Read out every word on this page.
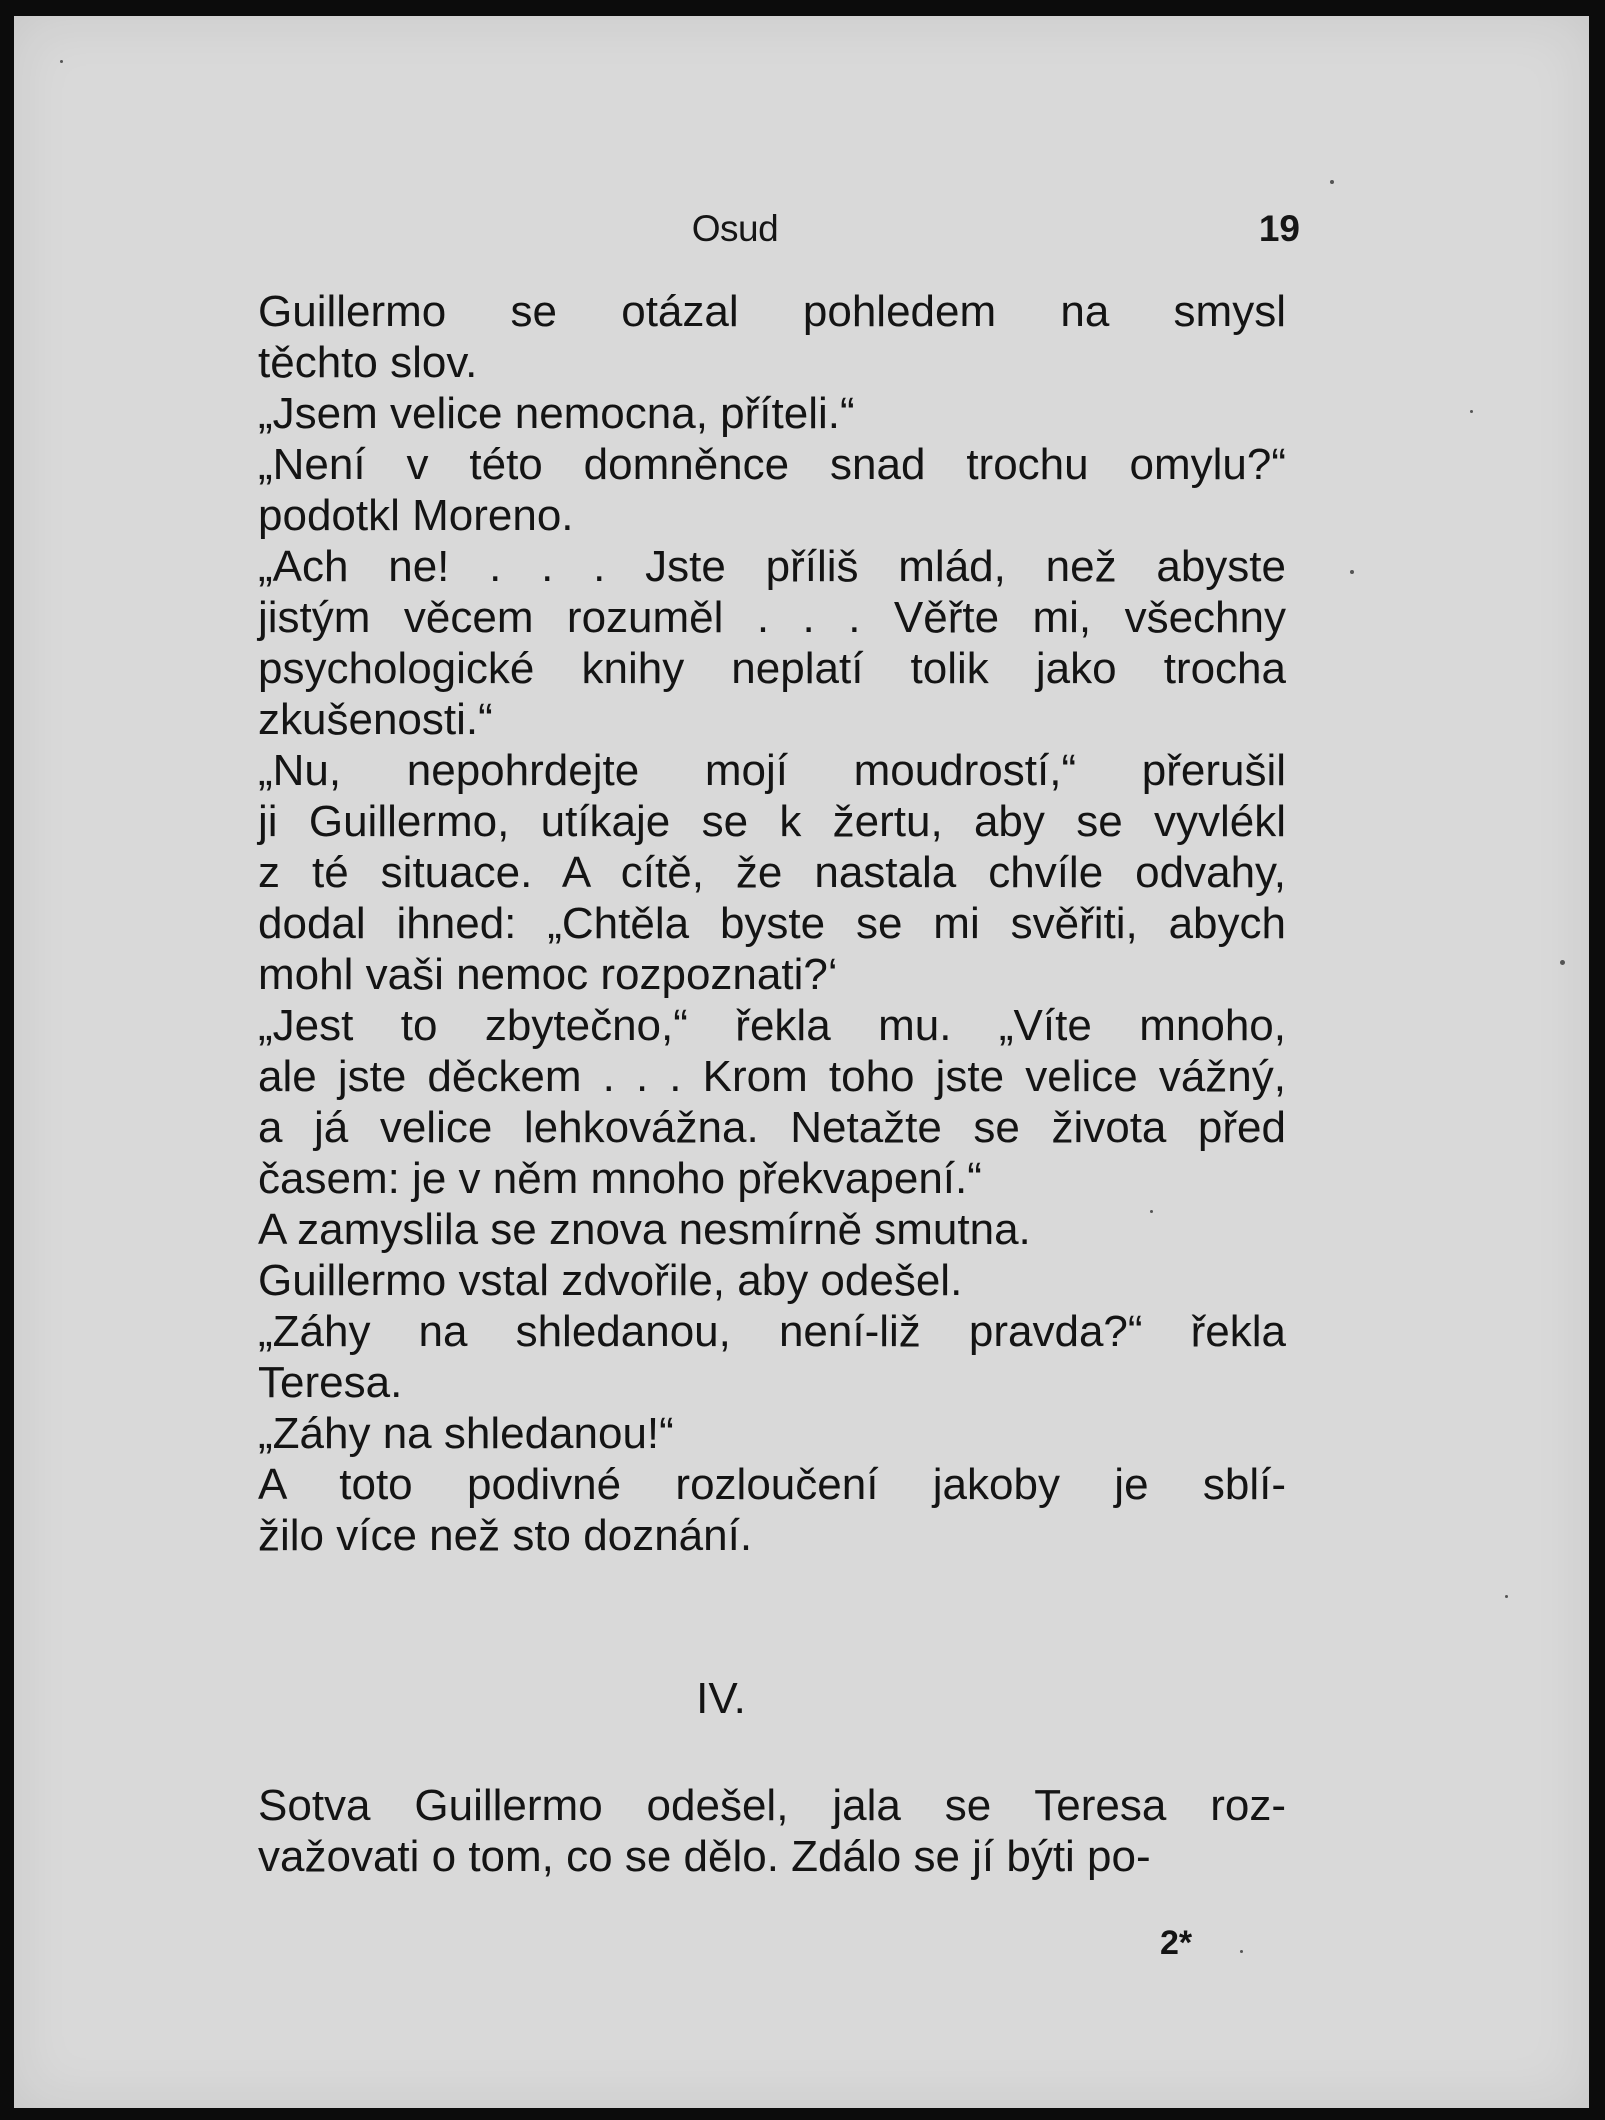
Osud	19

Guillermo se otázal pohledem na smysl
těchto slov.

„Jsem velice nemocna, příteli.“

„Není v této domněnce snad trochu omylu?“
podotkl Moreno.

„Ach ne! . . . Jste příliš mlád, než abyste
jistým věcem rozuměl . . . Věřte mi, všechny
psychologické knihy neplatí tolik jako trocha
zkušenosti.“

„Nu, nepohrdejte mojí moudrostí,“ přerušil
ji Guillermo, utíkaje se k žertu, aby se vyvlékl
z té situace. A cítě, že nastala chvíle odvahy,
dodal ihned: „Chtěla byste se mi svěřiti, abych
mohl vaši nemoc rozpoznati?‘

„Jest to zbytečno,“ řekla mu. „Víte mnoho,
ale jste děckem . . . Krom toho jste velice vážný,
a já velice lehkovážna. Netažte se života před
časem: je v něm mnoho překvapení.“

A zamyslila se znova nesmírně smutna.

Guillermo vstal zdvořile, aby odešel.

„Záhy na shledanou, není-liž pravda?“ řekla
Teresa.

„Záhy na shledanou!“

A toto podivné rozloučení jakoby je sblí-
žilo více než sto doznání.

IV.

Sotva Guillermo odešel, jala se Teresa roz-
važovati o tom, co se dělo. Zdálo se jí býti po-

2*
